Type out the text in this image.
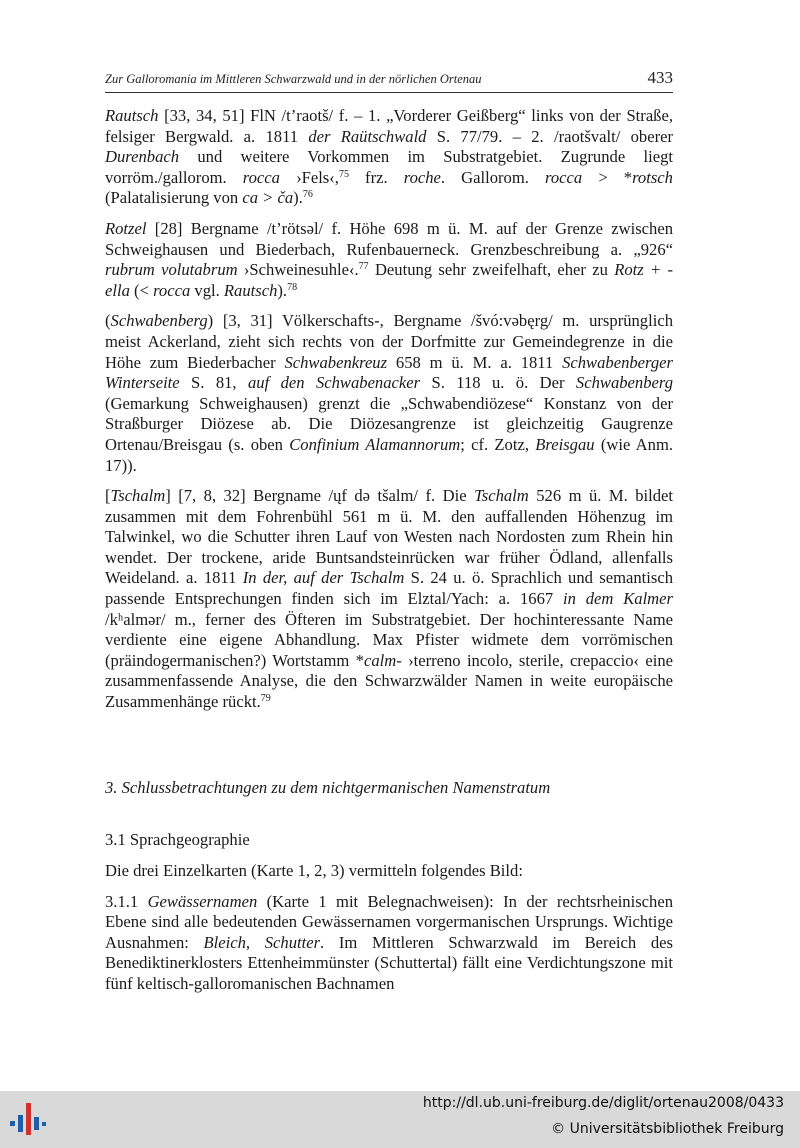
Zur Galloromania im Mittleren Schwarzwald und in der nörlichen Ortenau	433

Rautsch [33, 34, 51] FlN /t’raotš/ f. – 1. „Vorderer Geißberg“ links von der Straße, felsiger Bergwald. a. 1811 der Raütschwald S. 77/79. – 2. /raotšvalt/ oberer Durenbach und weitere Vorkommen im Substratgebiet. Zugrunde liegt vorröm./gallorom. rocca ›Fels‹,$^{75}$ frz. roche. Gallorom. rocca > *rotsch (Palatalisierung von ca > ča).$^{76}$

Rotzel [28] Bergname /t’rötsəl/ f. Höhe 698 m ü. M. auf der Grenze zwischen Schweighausen und Biederbach, Rufenbauerneck. Grenzbeschreibung a. „926“ rubrum volutabrum ›Schweinesuhle‹.$^{77}$ Deutung sehr zweifelhaft, eher zu Rotz + -ella (< rocca vgl. Rautsch).$^{78}$

(Schwabenberg) [3, 31] Völkerschafts-, Bergname /švó:vəbęrg/ m. ursprünglich meist Ackerland, zieht sich rechts von der Dorfmitte zur Gemeindegrenze in die Höhe zum Biederbacher Schwabenkreuz 658 m ü. M. a. 1811 Schwabenberger Winterseite S. 81, auf den Schwabenacker S. 118 u. ö. Der Schwabenberg (Gemarkung Schweighausen) grenzt die „Schwabendiözese“ Konstanz von der Straßburger Diözese ab. Die Diözesangrenze ist gleichzeitig Gaugrenze Ortenau/Breisgau (s. oben Confinium Alamannorum; cf. Zotz, Breisgau (wie Anm. 17)).

[Tschalm] [7, 8, 32] Bergname /ųf də tšalm/ f. Die Tschalm 526 m ü. M. bildet zusammen mit dem Fohrenbühl 561 m ü. M. den auffallenden Höhenzug im Talwinkel, wo die Schutter ihren Lauf von Westen nach Nordosten zum Rhein hin wendet. Der trockene, aride Buntsandsteinrücken war früher Ödland, allenfalls Weideland. a. 1811 In der, auf der Tschalm S. 24 u. ö. Sprachlich und semantisch passende Entsprechungen finden sich im Elztal/Yach: a. 1667 in dem Kalmer /kʰalmər/ m., ferner des Öfteren im Substratgebiet. Der hochinteressante Name verdiente eine eigene Abhandlung. Max Pfister widmete dem vorrömischen (präindogermanischen?) Wortstamm *calm- ›terreno incolo, sterile, crepaccio‹ eine zusammenfassende Analyse, die den Schwarzwälder Namen in weite europäische Zusammenhänge rückt.$^{79}$

3. Schlussbetrachtungen zu dem nichtgermanischen Namenstratum
3.1 Sprachgeographie

Die drei Einzelkarten (Karte 1, 2, 3) vermitteln folgendes Bild:

3.1.1 Gewässernamen (Karte 1 mit Belegnachweisen): In der rechtsrheinischen Ebene sind alle bedeutenden Gewässernamen vorgermanischen Ursprungs. Wichtige Ausnahmen: Bleich, Schutter. Im Mittleren Schwarzwald im Bereich des Benediktinerklosters Ettenheimmünster (Schuttertal) fällt eine Verdichtungszone mit fünf keltisch-galloromanischen Bachnamen

http://dl.ub.uni-freiburg.de/diglit/ortenau2008/0433
© Universitätsbibliothek Freiburg
